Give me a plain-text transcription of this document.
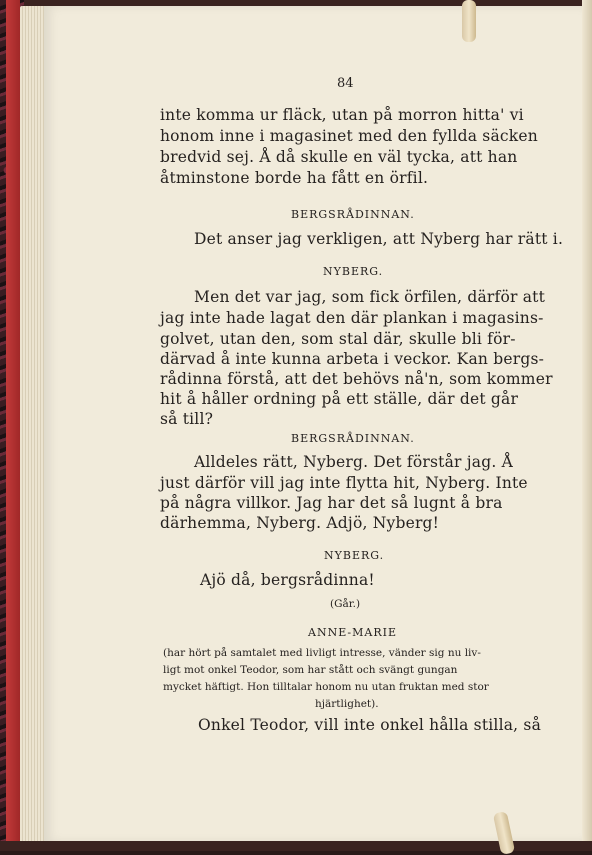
84
inte komma ur fläck, utan på morron hitta' vi
honom inne i magasinet med den fyllda säcken
bredvid sej. Å då skulle en väl tycka, att han
åtminstone borde ha fått en örfil.
BERGSRÅDINNAN.
Det anser jag verkligen, att Nyberg har rätt i.
NYBERG.
Men det var jag, som fick örfilen, därför att
jag inte hade lagat den där plankan i magasins-
golvet, utan den, som stal där, skulle bli för-
därvad å inte kunna arbeta i veckor. Kan bergs-
rådinna förstå, att det behövs nå'n, som kommer
hit å håller ordning på ett ställe, där det går
så till?
BERGSRÅDINNAN.
Alldeles rätt, Nyberg. Det förstår jag. Å
just därför vill jag inte flytta hit, Nyberg. Inte
på några villkor. Jag har det så lugnt å bra
därhemma, Nyberg. Adjö, Nyberg!
NYBERG.
Ajö då, bergsrådinna!
(Går.)
ANNE-MARIE
(har hört på samtalet med livligt intresse, vänder sig nu liv-
ligt mot onkel Teodor, som har stått och svängt gungan
mycket häftigt. Hon tilltalar honom nu utan fruktan med stor
hjärtlighet).
Onkel Teodor, vill inte onkel hålla stilla, så
